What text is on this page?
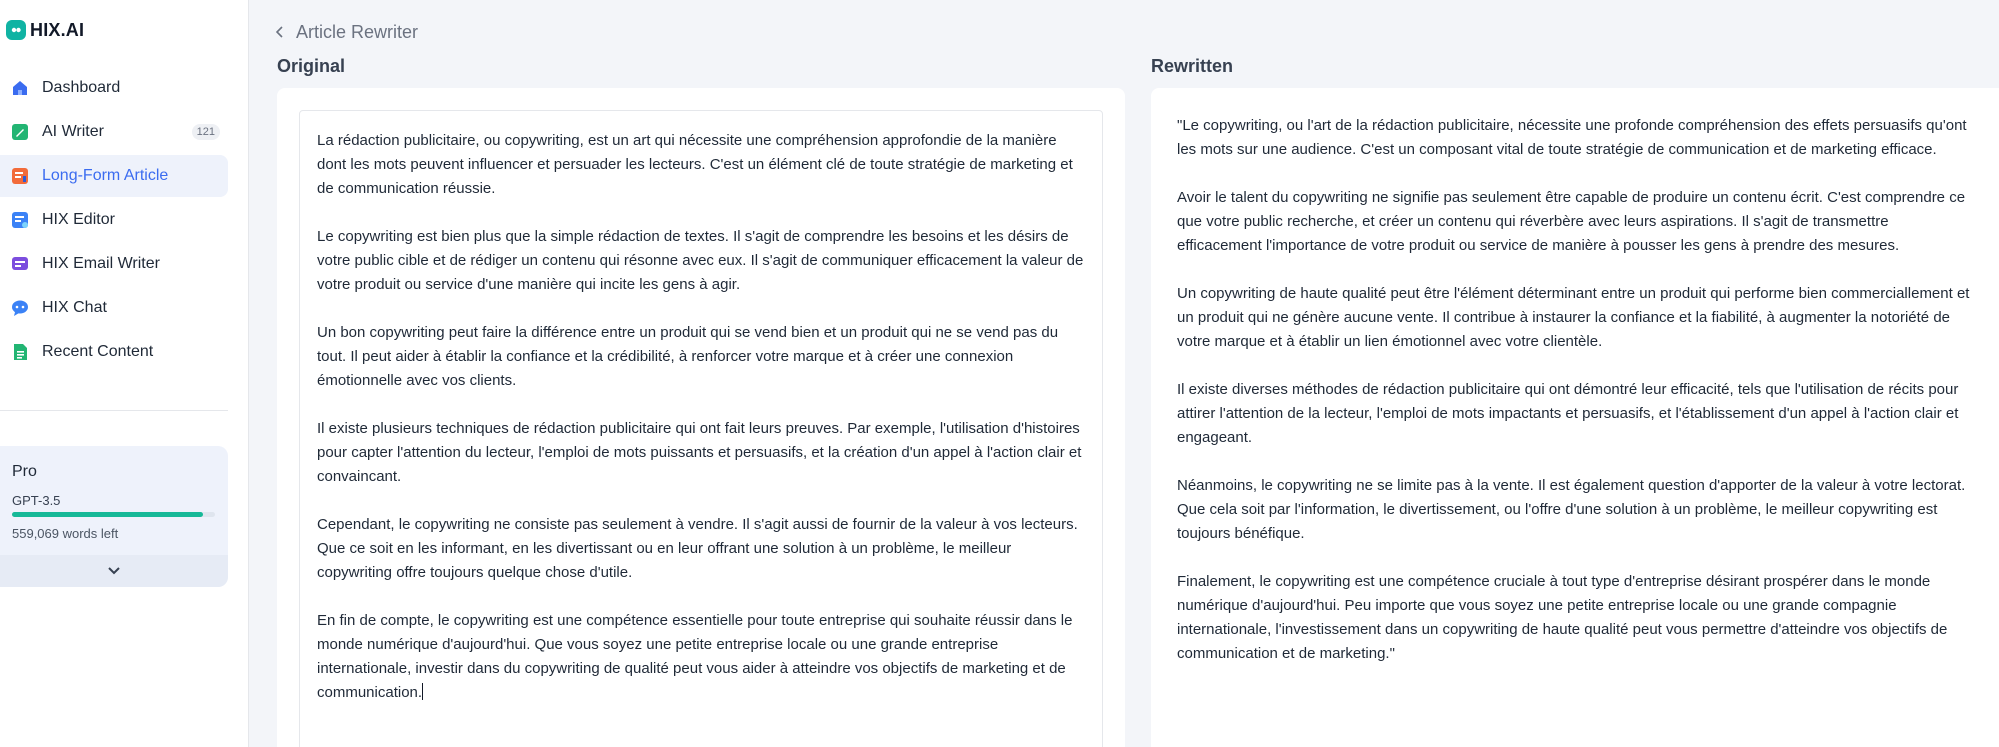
HIX.AI
Dashboard
AI Writer	121
Long-Form Article
HIX Editor
HIX Email Writer
HIX Chat
Recent Content
Pro
GPT-3.5
559,069 words left
Article Rewriter
Original

La rédaction publicitaire, ou copywriting, est un art qui nécessite une compréhension approfondie de la manière dont les mots peuvent influencer et persuader les lecteurs. C'est un élément clé de toute stratégie de marketing et de communication réussie.

Le copywriting est bien plus que la simple rédaction de textes. Il s'agit de comprendre les besoins et les désirs de votre public cible et de rédiger un contenu qui résonne avec eux. Il s'agit de communiquer efficacement la valeur de votre produit ou service d'une manière qui incite les gens à agir.

Un bon copywriting peut faire la différence entre un produit qui se vend bien et un produit qui ne se vend pas du tout. Il peut aider à établir la confiance et la crédibilité, à renforcer votre marque et à créer une connexion émotionnelle avec vos clients.

Il existe plusieurs techniques de rédaction publicitaire qui ont fait leurs preuves. Par exemple, l'utilisation d'histoires pour capter l'attention du lecteur, l'emploi de mots puissants et persuasifs, et la création d'un appel à l'action clair et convaincant.

Cependant, le copywriting ne consiste pas seulement à vendre. Il s'agit aussi de fournir de la valeur à vos lecteurs. Que ce soit en les informant, en les divertissant ou en leur offrant une solution à un problème, le meilleur copywriting offre toujours quelque chose d'utile.

En fin de compte, le copywriting est une compétence essentielle pour toute entreprise qui souhaite réussir dans le monde numérique d'aujourd'hui. Que vous soyez une petite entreprise locale ou une grande entreprise internationale, investir dans du copywriting de qualité peut vous aider à atteindre vos objectifs de marketing et de communication.

Rewritten

"Le copywriting, ou l'art de la rédaction publicitaire, nécessite une profonde compréhension des effets persuasifs qu'ont les mots sur une audience. C'est un composant vital de toute stratégie de communication et de marketing efficace.

Avoir le talent du copywriting ne signifie pas seulement être capable de produire un contenu écrit. C'est comprendre ce que votre public recherche, et créer un contenu qui réverbère avec leurs aspirations. Il s'agit de transmettre efficacement l'importance de votre produit ou service de manière à pousser les gens à prendre des mesures.

Un copywriting de haute qualité peut être l'élément déterminant entre un produit qui performe bien commerciallement et un produit qui ne génère aucune vente. Il contribue à instaurer la confiance et la fiabilité, à augmenter la notoriété de votre marque et à établir un lien émotionnel avec votre clientèle.

Il existe diverses méthodes de rédaction publicitaire qui ont démontré leur efficacité, tels que l'utilisation de récits pour attirer l'attention de la lecteur, l'emploi de mots impactants et persuasifs, et l'établissement d'un appel à l'action clair et engageant.

Néanmoins, le copywriting ne se limite pas à la vente. Il est également question d'apporter de la valeur à votre lectorat. Que cela soit par l'information, le divertissement, ou l'offre d'une solution à un problème, le meilleur copywriting est toujours bénéfique.

Finalement, le copywriting est une compétence cruciale à tout type d'entreprise désirant prospérer dans le monde numérique d'aujourd'hui. Peu importe que vous soyez une petite entreprise locale ou une grande compagnie internationale, l'investissement dans un copywriting de haute qualité peut vous permettre d'atteindre vos objectifs de communication et de marketing."
